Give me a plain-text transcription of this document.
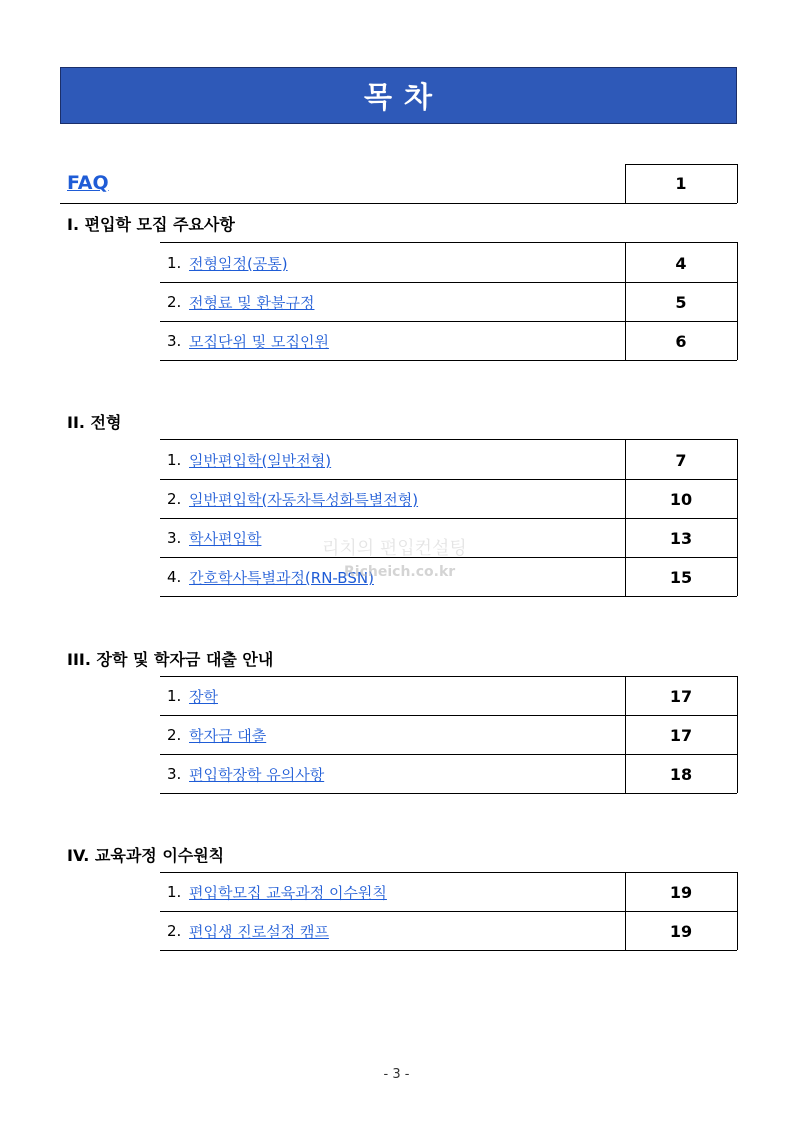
목 차
FAQ	1
I. 편입학 모집 주요사항
1. 전형일정(공통)	4
2. 전형료 및 환불규정	5
3. 모집단위 및 모집인원	6
II. 전형
1. 일반편입학(일반전형)	7
2. 일반편입학(자동차특성화특별전형)	10
3. 학사편입학	13
4. 간호학사특별과정(RN-BSN)	15
리치의 편입컨설팅
Richeich.co.kr
III. 장학 및 학자금 대출 안내
1. 장학	17
2. 학자금 대출	17
3. 편입학장학 유의사항	18
IV. 교육과정 이수원칙
1. 편입학모집 교육과정 이수원칙	19
2. 편입생 진로설정 캠프	19
- 3 -
